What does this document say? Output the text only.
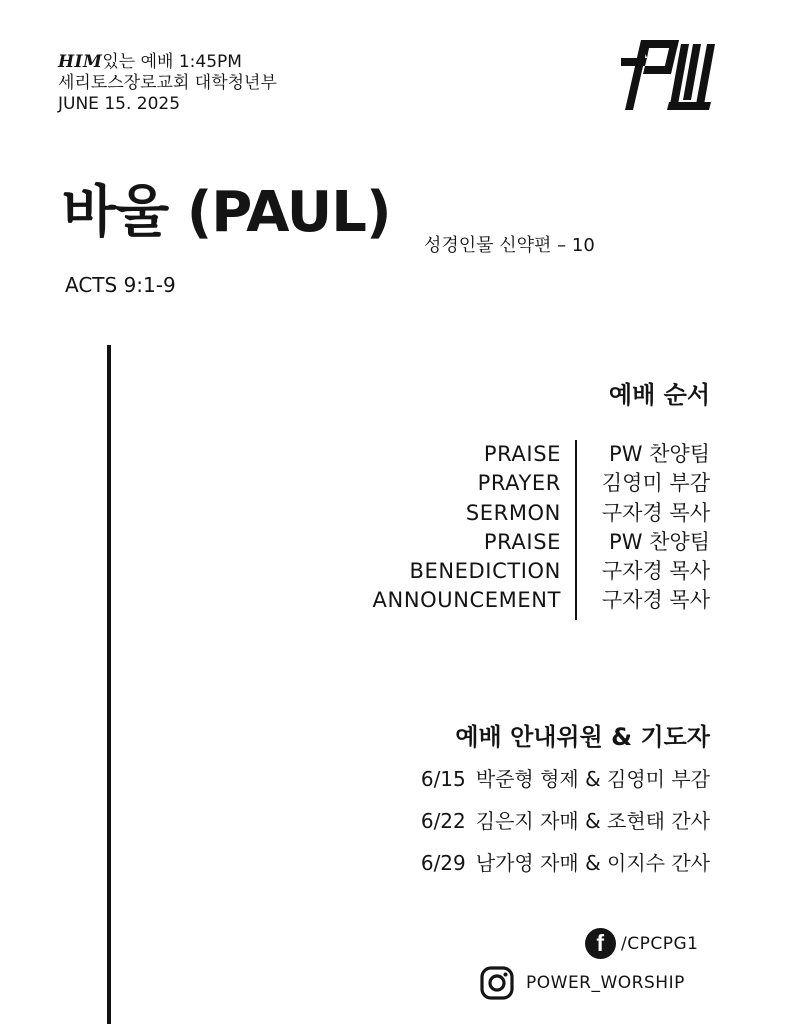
HIM있는 예배 1:45PM
세리토스장로교회 대학청년부
JUNE 15. 2025
바울 (PAUL)
성경인물 신약편 – 10
ACTS 9:1-9
예배 순서
PRAISE
PRAYER
SERMON
PRAISE
BENEDICTION
ANNOUNCEMENT
PW 찬양팀
김영미 부감
구자경 목사
PW 찬양팀
구자경 목사
구자경 목사
예배 안내위원 & 기도자
6/15 박준형 형제 & 김영미 부감
6/22 김은지 자매 & 조현태 간사
6/29 남가영 자매 & 이지수 간사
f /CPCPG1
POWER_WORSHIP
